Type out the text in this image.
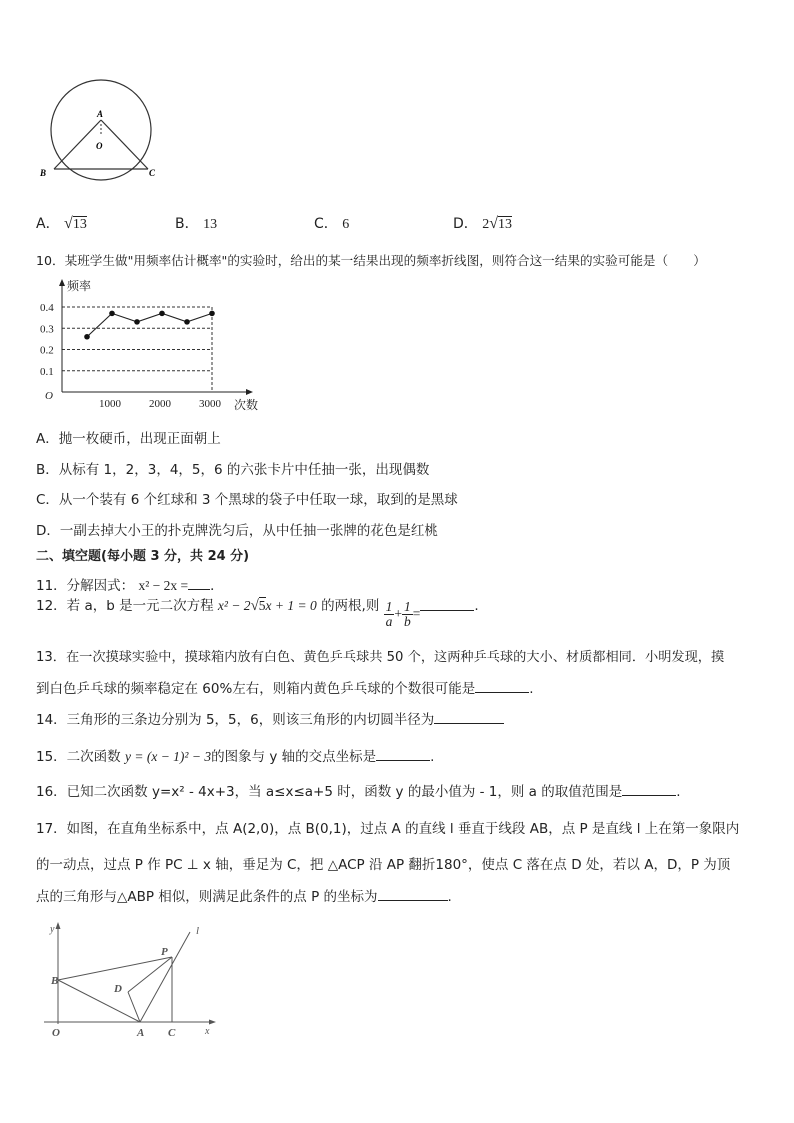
A
O
B	C
A． √13	B． 13	C． 6	D． 2√13
10．某班学生做"用频率估计概率"的实验时，给出的某一结果出现的频率折线图，则符合这一结果的实验可能是（　　）
0.1
0.2
0.3
0.4
频率
次数
O
1000	2000	3000
A．抛一枚硬币，出现正面朝上
B．从标有 1，2，3，4，5，6 的六张卡片中任抽一张，出现偶数
C．从一个装有 6 个红球和 3 个黑球的袋子中任取一球，取到的是黑球
D．一副去掉大小王的扑克牌洗匀后，从中任抽一张牌的花色是红桃
二、填空题(每小题 3 分，共 24 分)
11．分解因式： x² − 2x = ．
12．若 a，b 是一元二次方程 x² − 2√5x + 1 = 0 的两根,则 $\frac{1}{a} + \frac{1}{b}$ =	.
13．在一次摸球实验中，摸球箱内放有白色、黄色乒乓球共 50 个，这两种乒乓球的大小、材质都相同．小明发现，摸
到白色乒乓球的频率稳定在 60%左右，则箱内黄色乒乓球的个数很可能是	.
14．三角形的三条边分别为 5，5，6，则该三角形的内切圆半径为
15．二次函数 y = (x − 1)² − 3的图象与 y 轴的交点坐标是	.
16．已知二次函数 y=x² - 4x+3，当 a≤x≤a+5 时，函数 y 的最小值为 - 1，则 a 的取值范围是	.
17．如图，在直角坐标系中，点 A(2,0)，点 B(0,1)，过点 A 的直线 l 垂直于线段 AB，点 P 是直线 l 上在第一象限内
的一动点，过点 P 作 PC ⊥ x 轴，垂足为 C，把 △ACP 沿 AP 翻折180°，使点 C 落在点 D 处，若以 A，D，P 为顶
点的三角形与△ABP 相似，则满足此条件的点 P 的坐标为	.
y	l
P
B
D
O	A C	x
